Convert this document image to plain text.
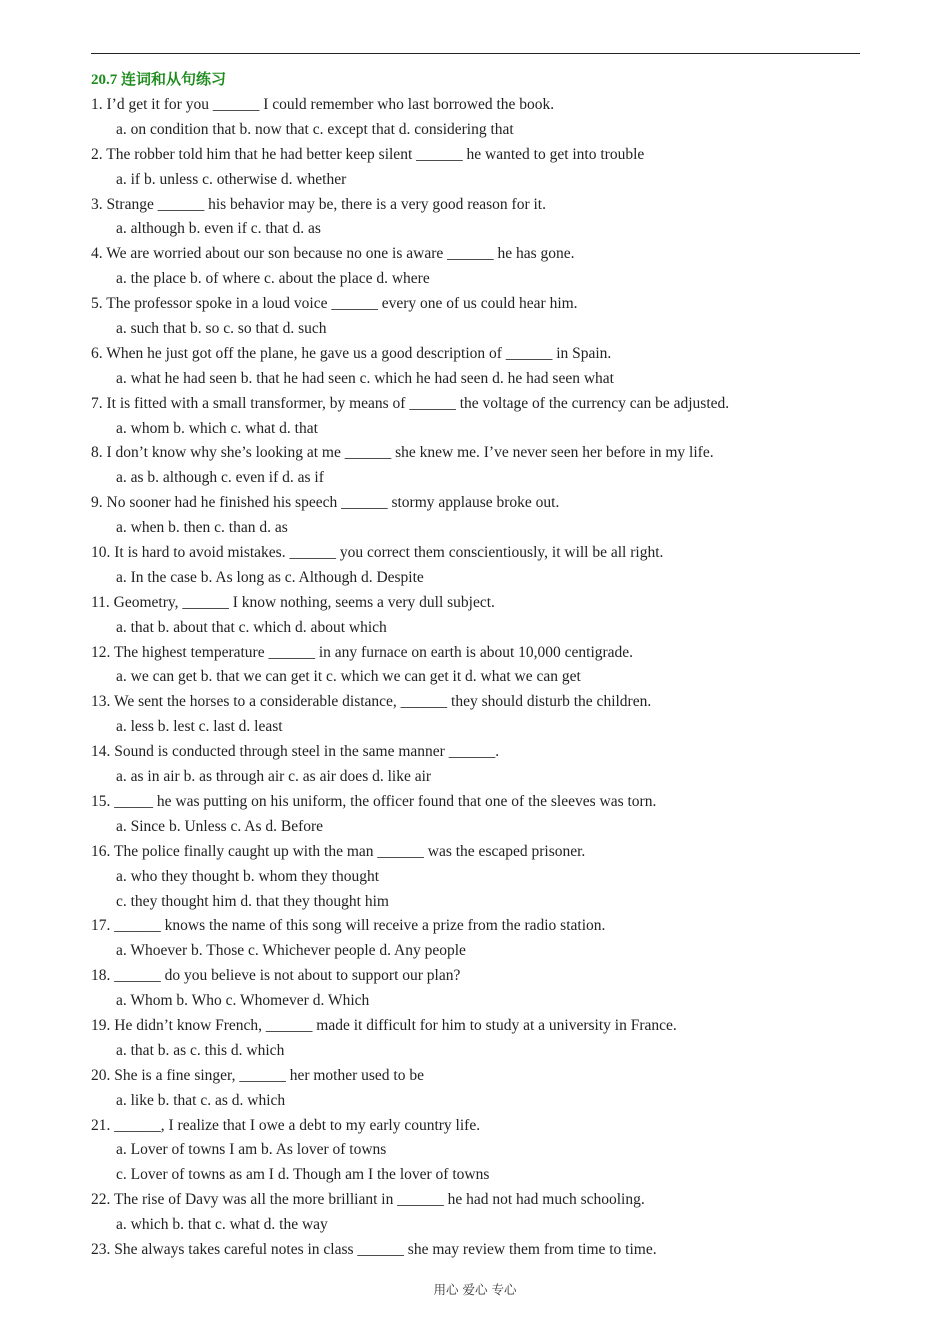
20.7 连词和从句练习
1. I’d get it for you ______ I could remember who last borrowed the book.
a. on condition that b. now that c. except that d. considering that
2. The robber told him that he had better keep silent ______ he wanted to get into trouble
a. if b. unless c. otherwise d. whether
3. Strange ______ his behavior may be, there is a very good reason for it.
a. although b. even if c. that d. as
4. We are worried about our son because no one is aware ______ he has gone.
a. the place b. of where c. about the place d. where
5. The professor spoke in a loud voice ______ every one of us could hear him.
a. such that b. so c. so that d. such
6. When he just got off the plane, he gave us a good description of ______ in Spain.
a. what he had seen b. that he had seen c. which he had seen d. he had seen what
7. It is fitted with a small transformer, by means of ______ the voltage of the currency can be adjusted.
a. whom b. which c. what d. that
8. I don’t know why she’s looking at me ______ she knew me. I’ve never seen her before in my life.
a. as b. although c. even if d. as if
9. No sooner had he finished his speech ______ stormy applause broke out.
a. when b. then c. than d. as
10. It is hard to avoid mistakes. ______ you correct them conscientiously, it will be all right.
a. In the case b. As long as c. Although d. Despite
11. Geometry, ______ I know nothing, seems a very dull subject.
a. that b. about that c. which d. about which
12. The highest temperature ______ in any furnace on earth is about 10,000 centigrade.
a. we can get b. that we can get it c. which we can get it d. what we can get
13. We sent the horses to a considerable distance, ______ they should disturb the children.
a. less b. lest c. last d. least
14. Sound is conducted through steel in the same manner ______.
a. as in air b. as through air c. as air does d. like air
15. _____ he was putting on his uniform, the officer found that one of the sleeves was torn.
a. Since b. Unless c. As d. Before
16. The police finally caught up with the man ______ was the escaped prisoner.
a. who they thought b. whom they thought
c. they thought him d. that they thought him
17. ______ knows the name of this song will receive a prize from the radio station.
a. Whoever b. Those c. Whichever people d. Any people
18. ______ do you believe is not about to support our plan?
a. Whom b. Who c. Whomever d. Which
19. He didn’t know French, ______ made it difficult for him to study at a university in France.
a. that b. as c. this d. which
20. She is a fine singer, ______ her mother used to be
a. like b. that c. as d. which
21. ______, I realize that I owe a debt to my early country life.
a. Lover of towns I am b. As lover of towns
c. Lover of towns as am I d. Though am I the lover of towns
22. The rise of Davy was all the more brilliant in ______ he had not had much schooling.
a. which b. that c. what d. the way
23. She always takes careful notes in class ______ she may review them from time to time.
用心 爱心 专心
